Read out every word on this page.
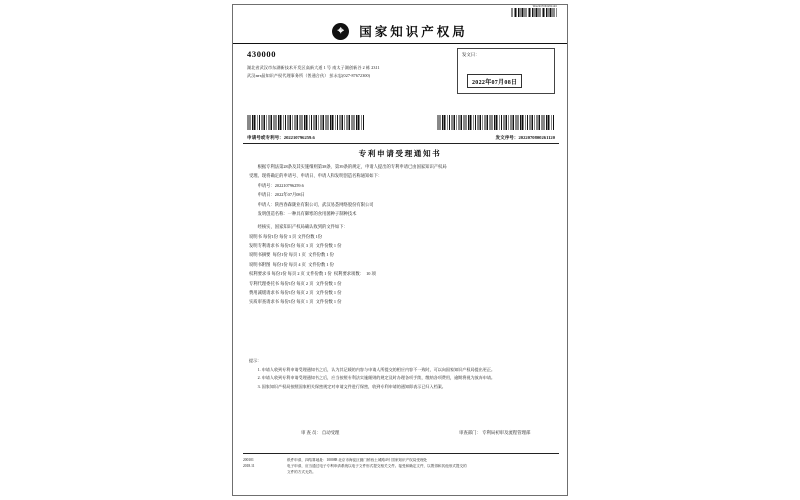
WG2207030261120
⌖	国家知识产权局
430000
湖北省武汉市东湖新技术开发区高新大道 1 号 南太子湖创新谷 2 栋 2311
武汉зит晶知识产权代理事务所（普通合伙） 彭永忠(027-87672300)
发文日：
2022年07月08日
申请号或专利号：202210796259.6	发文序号：2022070800261120
专利申请受理通知书

根据专利法第28条及其实施细则第38条、第39条的规定，申请人提出的专利申请已由国家知识产权局

受理。现将确定的申请号、申请日、申请人和发明创造名称通知如下：

申请号：202210796259.6

申请日：2022年07月08日

申请人：陕西春森陇业有限公司、武汉易荟网络股份有限公司

发明创造名称：一种具有御寒的食用菌种子制种技术

经核实，国家知识产权局确认收到的文件如下：

说明书 每份1份 每份 3 页 文件份数 1份

发明专利请求书 每份1份 每页 3 页  文件份数 1 份

说明书摘要  每份1份 每页 1 页  文件份数 1 份

说明书附图  每份1份 每页 4 页  文件份数 1 份

权利要求书 每份1份 每页 2 页 文件份数 1 份  权利要求项数：  10 项

专利代理委托书 每份1份 每页 2 页  文件份数 1 份

费用减缓请求书 每份1份 每页 2 页  文件份数 1 份

实质审查请求书 每份1份 每页 1 页  文件份数 1 份

提示：
1. 申请人收到专利申请受理通知书之后，认为其记载的内容与申请人所提交的相应内容不一致时，可以向国家知识产权局提出更正。
2. 申请人收到专利申请受理通知书之后，应当按照专利法实施细则的规定及时办理各项手续，缴纳各项费用，逾期将视为放弃申请。
3. 国家知识产权局按照国家相关保密规定对申请文件进行保密，收到专利申请的通知即表示已归入档案。
审 查 员： 自动受理	审查部门： 专利局初审及流程管理部
200101
2018.11
纸件申请，四结算地址：100088 北京市海淀区蓟门桥西土城路4号 国家知识产权局受理处
电子申请，应当通过电子专利申请系统以电子文件形式提交相关文件。接受和确定文件，以既得和其他形式提交的
文件的方式无效。
